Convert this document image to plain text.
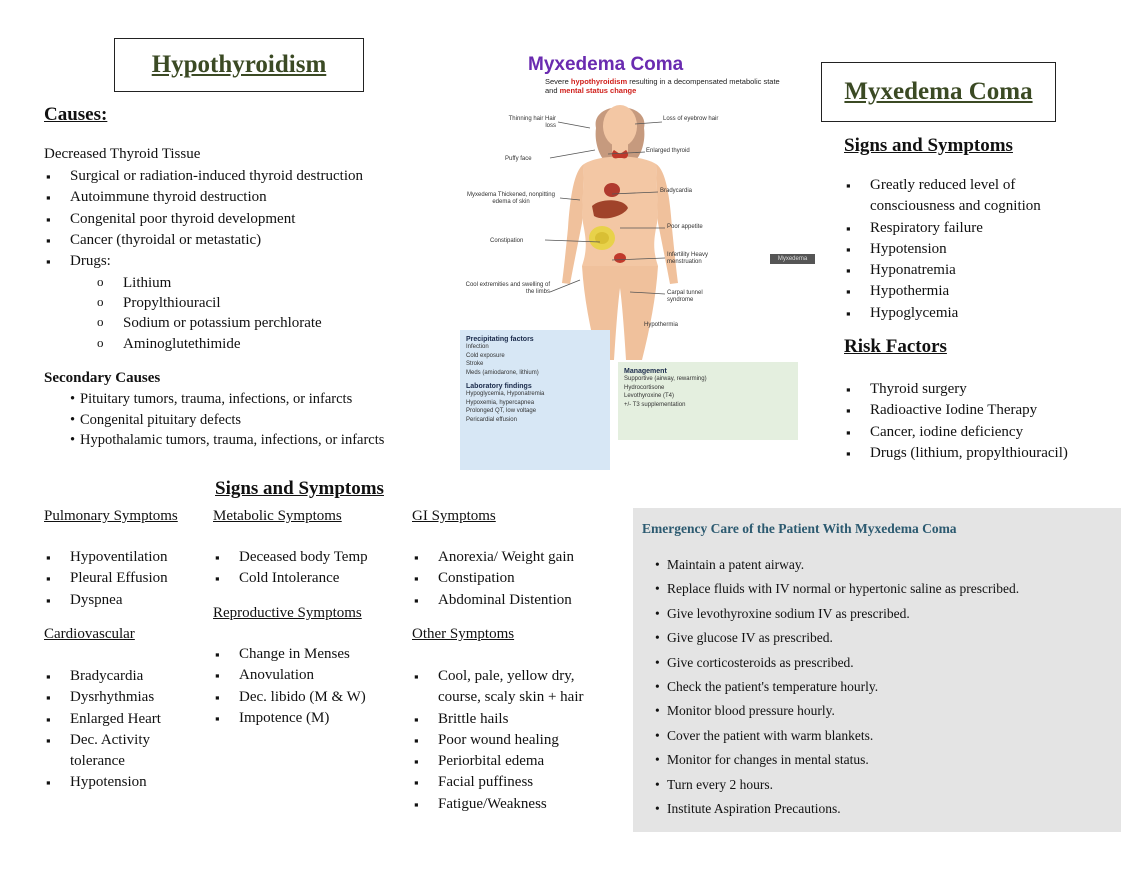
Hypothyroidism
Causes:
Decreased Thyroid Tissue
▪ Surgical or radiation-induced thyroid destruction
▪ Autoimmune thyroid destruction
▪ Congenital poor thyroid development
▪ Cancer (thyroidal or metastatic)
▪ Drugs:
o Lithium
o Propylthiouracil
o Sodium or potassium perchlorate
o Aminoglutethimide
Secondary Causes
• Pituitary tumors, trauma, infections, or infarcts
• Congenital pituitary defects
• Hypothalamic tumors, trauma, infections, or infarcts
Signs and Symptoms
Pulmonary Symptoms
▪ Hypoventilation
▪ Pleural Effusion
▪ Dyspnea
Cardiovascular
▪ Bradycardia
▪ Dysrhythmias
▪ Enlarged Heart
▪ Dec. Activity tolerance
▪ Hypotension
Metabolic Symptoms
▪ Deceased body Temp
▪ Cold Intolerance
Reproductive Symptoms
▪ Change in Menses
▪ Anovulation
▪ Dec. libido (M & W)
▪ Impotence (M)
GI Symptoms
▪ Anorexia/ Weight gain
▪ Constipation
▪ Abdominal Distention
Other Symptoms
▪ Cool, pale, yellow dry, course, scaly skin + hair
▪ Brittle hails
▪ Poor wound healing
▪ Periorbital edema
▪ Facial puffiness
▪ Fatigue/Weakness
Myxedema Coma
Severe hypothyroidism resulting in a decompensated metabolic state and mental status change
Thinning hair Hair loss
Puffy face
Myxedema Thickened, nonpitting edema of skin
Constipation
Cool extremities and swelling of the limbs
Loss of eyebrow hair
Enlarged thyroid
Bradycardia
Poor appetite
Infertility Heavy menstruation
Carpal tunnel syndrome
Hypothermia
Precipitating factors
Infection
Cold exposure
Stroke
Meds (amiodarone, lithium)
Laboratory findings
Hypoglycemia, Hyponatremia
Hypoxemia, hypercapnea
Prolonged QT, low voltage
Pericardial effusion
Management
Supportive (airway, rewarming)
Hydrocortisone
Levothyroxine (T4)
+/- T3 supplementation
Myxedema
Myxedema Coma
Signs and Symptoms
▪ Greatly reduced level of consciousness and cognition
▪ Respiratory failure
▪ Hypotension
▪ Hyponatremia
▪ Hypothermia
▪ Hypoglycemia
Risk Factors
▪ Thyroid surgery
▪ Radioactive Iodine Therapy
▪ Cancer, iodine deficiency
▪ Drugs (lithium, propylthiouracil)
Emergency Care of the Patient With Myxedema Coma
• Maintain a patent airway.
• Replace fluids with IV normal or hypertonic saline as prescribed.
• Give levothyroxine sodium IV as prescribed.
• Give glucose IV as prescribed.
• Give corticosteroids as prescribed.
• Check the patient's temperature hourly.
• Monitor blood pressure hourly.
• Cover the patient with warm blankets.
• Monitor for changes in mental status.
• Turn every 2 hours.
• Institute Aspiration Precautions.
